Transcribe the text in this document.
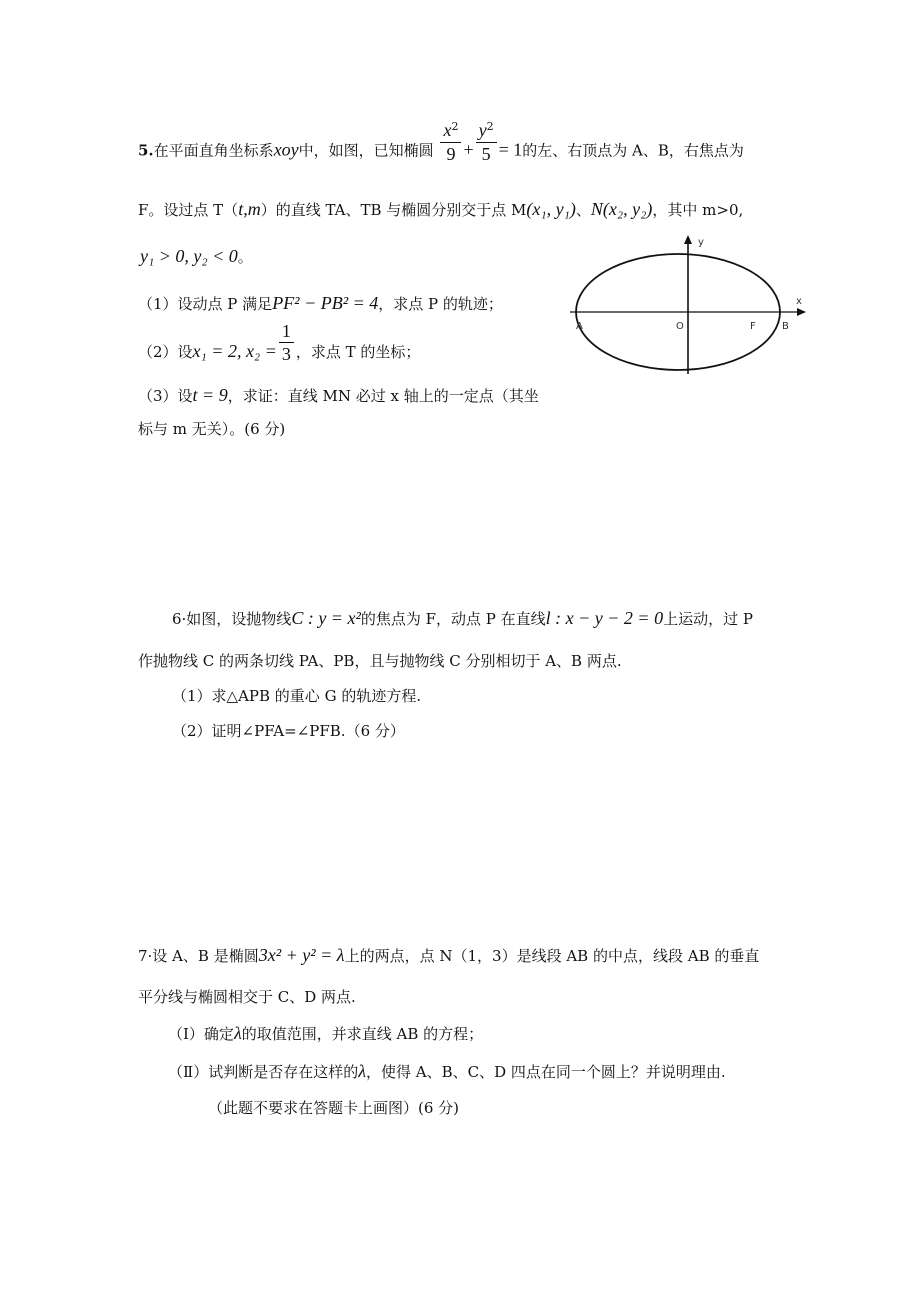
5.在平面直角坐标系xoy中，如图，已知椭圆 $\frac{x^2}{9} + \frac{y^2}{5} = 1$的左、右顶点为 A、B，右焦点为
F。设过点 T（t,m）的直线 TA、TB 与椭圆分别交于点 M(x₁, y₁)、N(x₂, y₂)，其中 m>0,
y₁ > 0, y₂ < 0。
（1）设动点 P 满足PF² − PB² = 4，求点 P 的轨迹；
（2）设x₁ = 2, $x_2 = \frac{1}{3}$ ，求点 T 的坐标；
（3）设t = 9，求证：直线 MN 必过 x 轴上的一定点（其坐
标与 m 无关）。(6 分)
y
x
A	O	F	B
6·如图，设抛物线C : y = x²的焦点为 F，动点 P 在直线l : x − y − 2 = 0上运动，过 P
作抛物线 C 的两条切线 PA、PB，且与抛物线 C 分别相切于 A、B 两点.
（1）求△APB 的重心 G 的轨迹方程.
（2）证明∠PFA=∠PFB.（6 分）
7·设 A、B 是椭圆3x² + y² = λ上的两点，点 N（1，3）是线段 AB 的中点，线段 AB 的垂直
平分线与椭圆相交于 C、D 两点.
（Ⅰ）确定λ的取值范围，并求直线 AB 的方程；
（Ⅱ）试判断是否存在这样的λ，使得 A、B、C、D 四点在同一个圆上？并说明理由.
（此题不要求在答题卡上画图）(6 分)
